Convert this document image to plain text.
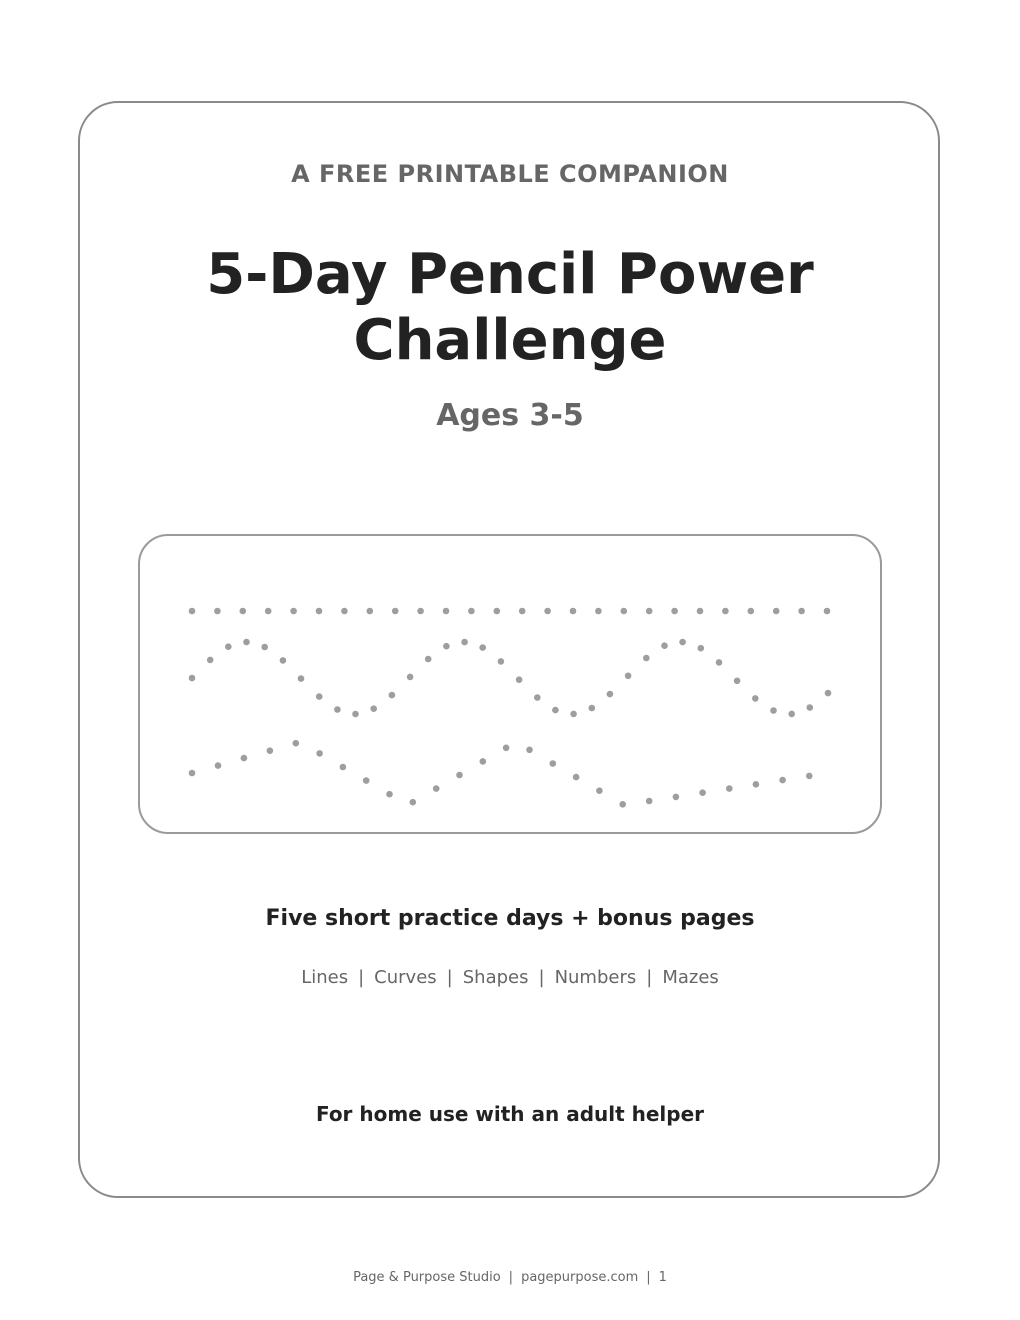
A FREE PRINTABLE COMPANION
5-Day Pencil Power
Challenge
Ages 3-5
Five short practice days + bonus pages
Lines | Curves | Shapes | Numbers | Mazes
For home use with an adult helper
Page & Purpose Studio | pagepurpose.com | 1
